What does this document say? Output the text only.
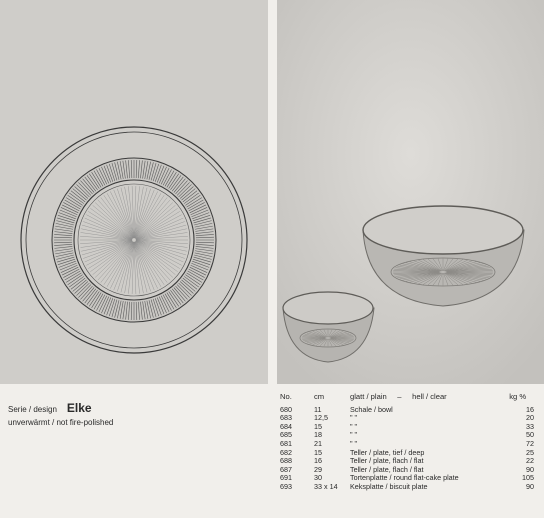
Serie / design Elke
unverwärmt / not fire-polished
No.	cm	glatt / plain – hell / clear	kg %
680	11	Schale / bowl	16
683	12,5	" "	20
684	15	" "	33
685	18	" "	50
681	21	" "	72
682	15	Teller / plate, tief / deep	25
688	16	Teller / plate, flach / flat	22
687	29	Teller / plate, flach / flat	90
691	30	Tortenplatte / round flat-cake plate	105
693	33 x 14	Keksplatte / biscuit plate	90
